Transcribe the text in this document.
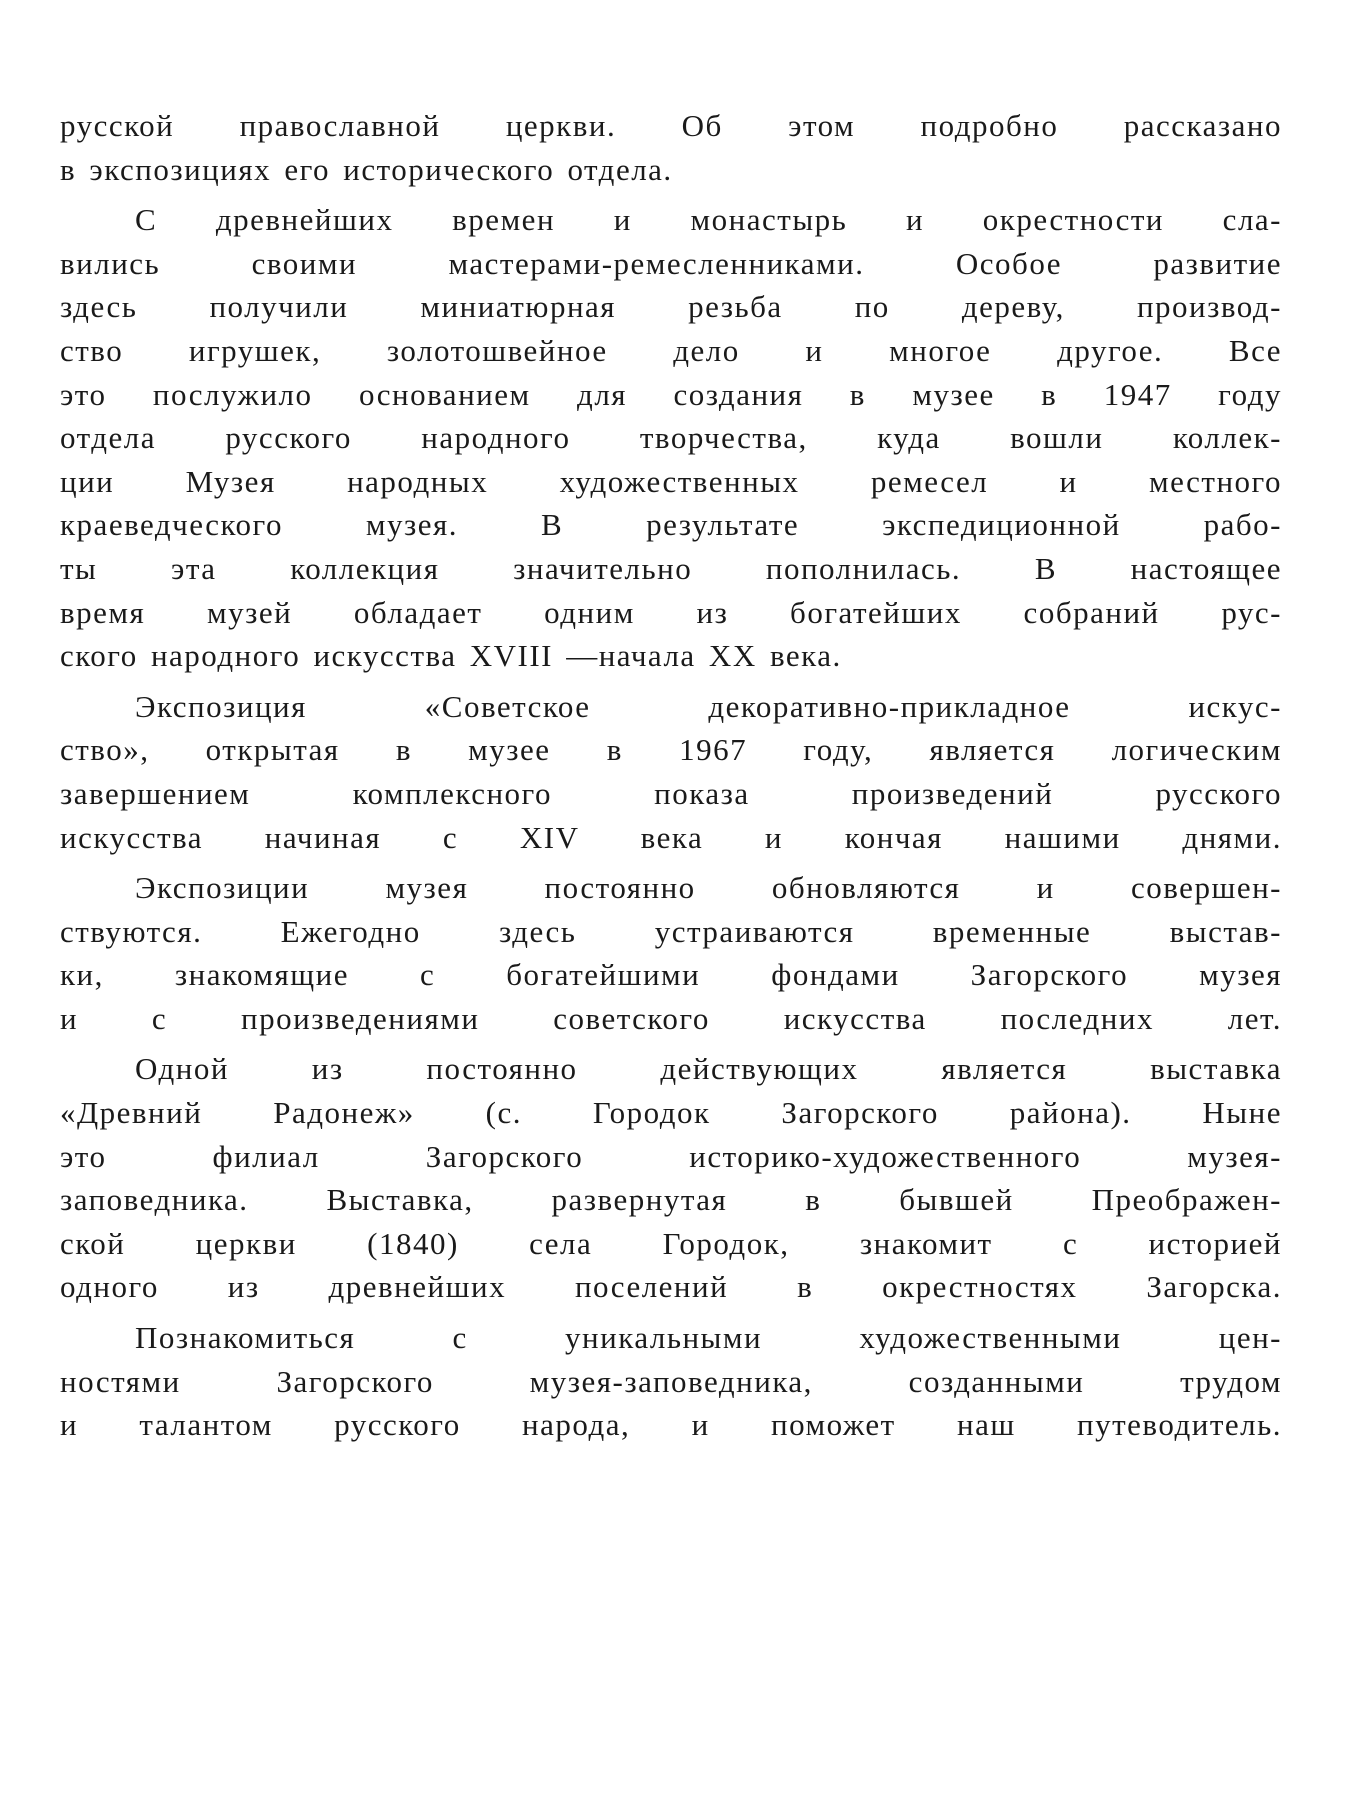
русской православной церкви. Об этом подробно рассказано
в экспозициях его исторического отдела.
С древнейших времен и монастырь и окрестности сла-
вились своими мастерами-ремесленниками. Особое развитие
здесь получили миниатюрная резьба по дереву, производ-
ство игрушек, золотошвейное дело и многое другое. Все
это послужило основанием для создания в музее в 1947 году
отдела русского народного творчества, куда вошли коллек-
ции Музея народных художественных ремесел и местного
краеведческого музея. В результате экспедиционной рабо-
ты эта коллекция значительно пополнилась. В настоящее
время музей обладает одним из богатейших собраний рус-
ского народного искусства XVIII —начала XX века.
Экспозиция «Советское декоративно-прикладное искус-
ство», открытая в музее в 1967 году, является логическим
завершением комплексного показа произведений русского
искусства начиная с XIV века и кончая нашими днями.
Экспозиции музея постоянно обновляются и совершен-
ствуются. Ежегодно здесь устраиваются временные выстав-
ки, знакомящие с богатейшими фондами Загорского музея
и с произведениями советского искусства последних лет.
Одной из постоянно действующих является выставка
«Древний Радонеж» (с. Городок Загорского района). Ныне
это филиал Загорского историко-художественного музея-
заповедника. Выставка, развернутая в бывшей Преображен-
ской церкви (1840) села Городок, знакомит с историей
одного из древнейших поселений в окрестностях Загорска.
Познакомиться с уникальными художественными цен-
ностями Загорского музея-заповедника, созданными трудом
и талантом русского народа, и поможет наш путеводитель.
